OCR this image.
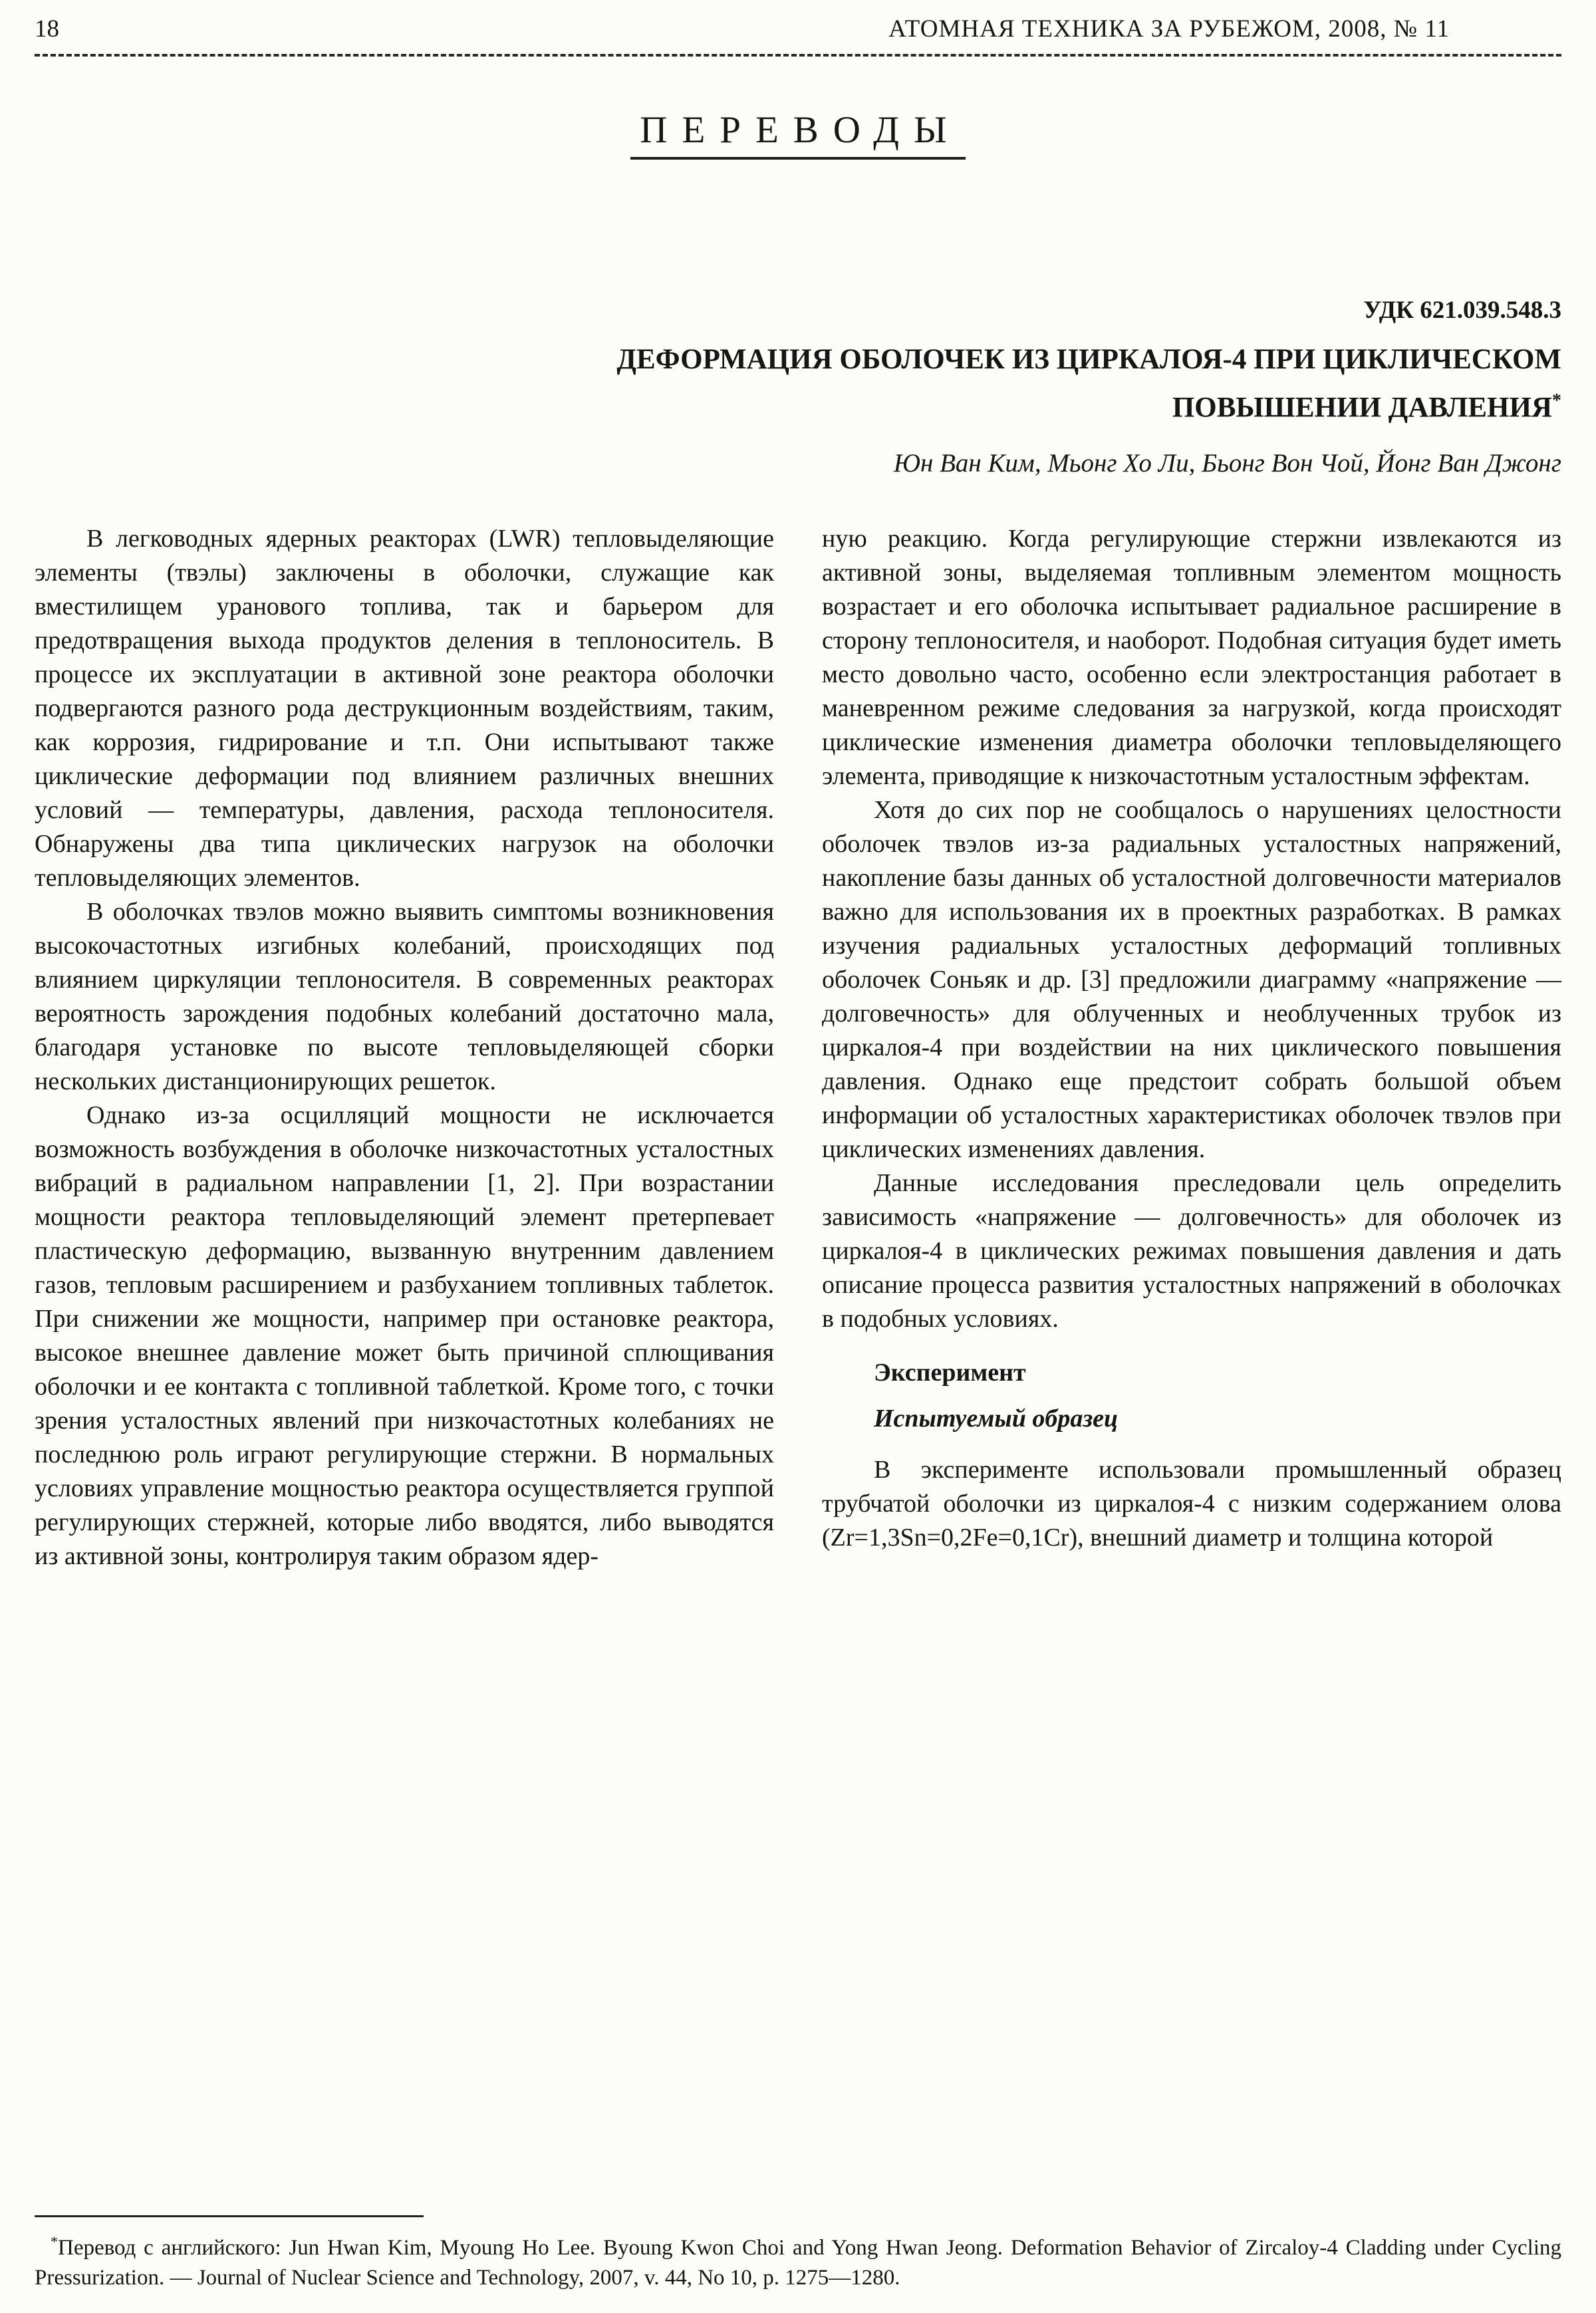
18	АТОМНАЯ ТЕХНИКА ЗА РУБЕЖОМ, 2008, № 11
ПЕРЕВОДЫ
УДК 621.039.548.3
ДЕФОРМАЦИЯ ОБОЛОЧЕК ИЗ ЦИРКАЛОЯ-4 ПРИ ЦИКЛИЧЕСКОМ
ПОВЫШЕНИИ ДАВЛЕНИЯ*
Юн Ван Ким, Мьонг Хо Ли, Бьонг Вон Чой, Йонг Ван Джонг

В легководных ядерных реакторах (LWR) тепловыделяющие элементы (твэлы) заключены в оболочки, служащие как вместилищем уранового топлива, так и барьером для предотвращения выхода продуктов деления в теплоноситель. В процессе их эксплуатации в активной зоне реактора оболочки подвергаются разного рода деструкционным воздействиям, таким, как коррозия, гидрирование и т.п. Они испытывают также циклические деформации под влиянием различных внешних условий — температуры, давления, расхода теплоносителя. Обнаружены два типа циклических нагрузок на оболочки тепловыделяющих элементов.

В оболочках твэлов можно выявить симптомы возникновения высокочастотных изгибных колебаний, происходящих под влиянием циркуляции теплоносителя. В современных реакторах вероятность зарождения подобных колебаний достаточно мала, благодаря установке по высоте тепловыделяющей сборки нескольких дистанционирующих решеток.

Однако из-за осцилляций мощности не исключается возможность возбуждения в оболочке низкочастотных усталостных вибраций в радиальном направлении [1, 2]. При возрастании мощности реактора тепловыделяющий элемент претерпевает пластическую деформацию, вызванную внутренним давлением газов, тепловым расширением и разбуханием топливных таблеток. При снижении же мощности, например при остановке реактора, высокое внешнее давление может быть причиной сплющивания оболочки и ее контакта с топливной таблеткой. Кроме того, с точки зрения усталостных явлений при низкочастотных колебаниях не последнюю роль играют регулирующие стержни. В нормальных условиях управление мощностью реактора осуществляется группой регулирующих стержней, которые либо вводятся, либо выводятся из активной зоны, контролируя таким образом ядер-

ную реакцию. Когда регулирующие стержни извлекаются из активной зоны, выделяемая топливным элементом мощность возрастает и его оболочка испытывает радиальное расширение в сторону теплоносителя, и наоборот. Подобная ситуация будет иметь место довольно часто, особенно если электростанция работает в маневренном режиме следования за нагрузкой, когда происходят циклические изменения диаметра оболочки тепловыделяющего элемента, приводящие к низкочастотным усталостным эффектам.

Хотя до сих пор не сообщалось о нарушениях целостности оболочек твэлов из-за радиальных усталостных напряжений, накопление базы данных об усталостной долговечности материалов важно для использования их в проектных разработках. В рамках изучения радиальных усталостных деформаций топливных оболочек Соньяк и др. [3] предложили диаграмму «напряжение — долговечность» для облученных и необлученных трубок из циркалоя-4 при воздействии на них циклического повышения давления. Однако еще предстоит собрать большой объем информации об усталостных характеристиках оболочек твэлов при циклических изменениях давления.

Данные исследования преследовали цель определить зависимость «напряжение — долговечность» для оболочек из циркалоя-4 в циклических режимах повышения давления и дать описание процесса развития усталостных напряжений в оболочках в подобных условиях.

Эксперимент
Испытуемый образец

В эксперименте использовали промышленный образец трубчатой оболочки из циркалоя-4 с низким содержанием олова (Zr=1,3Sn=0,2Fe=0,1Cr), внешний диаметр и толщина которой

*Перевод с английского: Jun Hwan Kim, Myoung Ho Lee. Byoung Kwon Choi and Yong Hwan Jeong. Deformation Behavior of Zircaloy-4 Cladding under Cycling Pressurization. — Journal of Nuclear Science and Technology, 2007, v. 44, No 10, p. 1275—1280.
